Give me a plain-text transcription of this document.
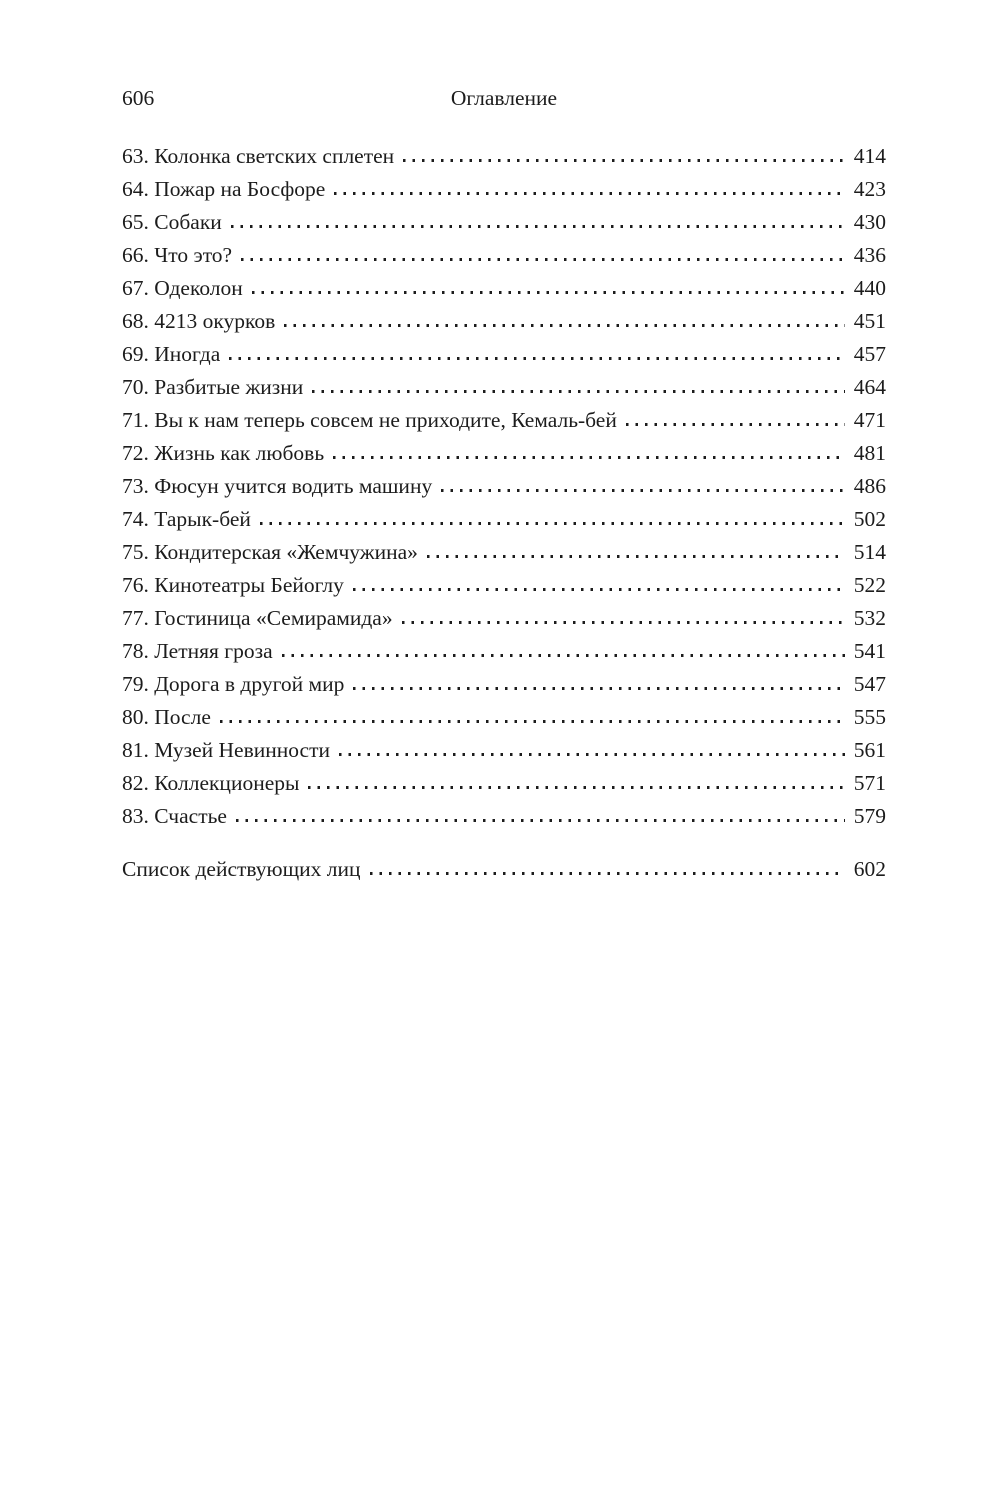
606	Оглавление
63. Колонка светских сплетен	414
64. Пожар на Босфоре	423
65. Собаки	430
66. Что это?	436
67. Одеколон	440
68. 4213 окурков	451
69. Иногда	457
70. Разбитые жизни	464
71. Вы к нам теперь совсем не приходите, Кемаль-бей	471
72. Жизнь как любовь	481
73. Фюсун учится водить машину	486
74. Тарык-бей	502
75. Кондитерская «Жемчужина»	514
76. Кинотеатры Бейоглу	522
77. Гостиница «Семирамида»	532
78. Летняя гроза	541
79. Дорога в другой мир	547
80. После	555
81. Музей Невинности	561
82. Коллекционеры	571
83. Счастье	579
Список действующих лиц	602
